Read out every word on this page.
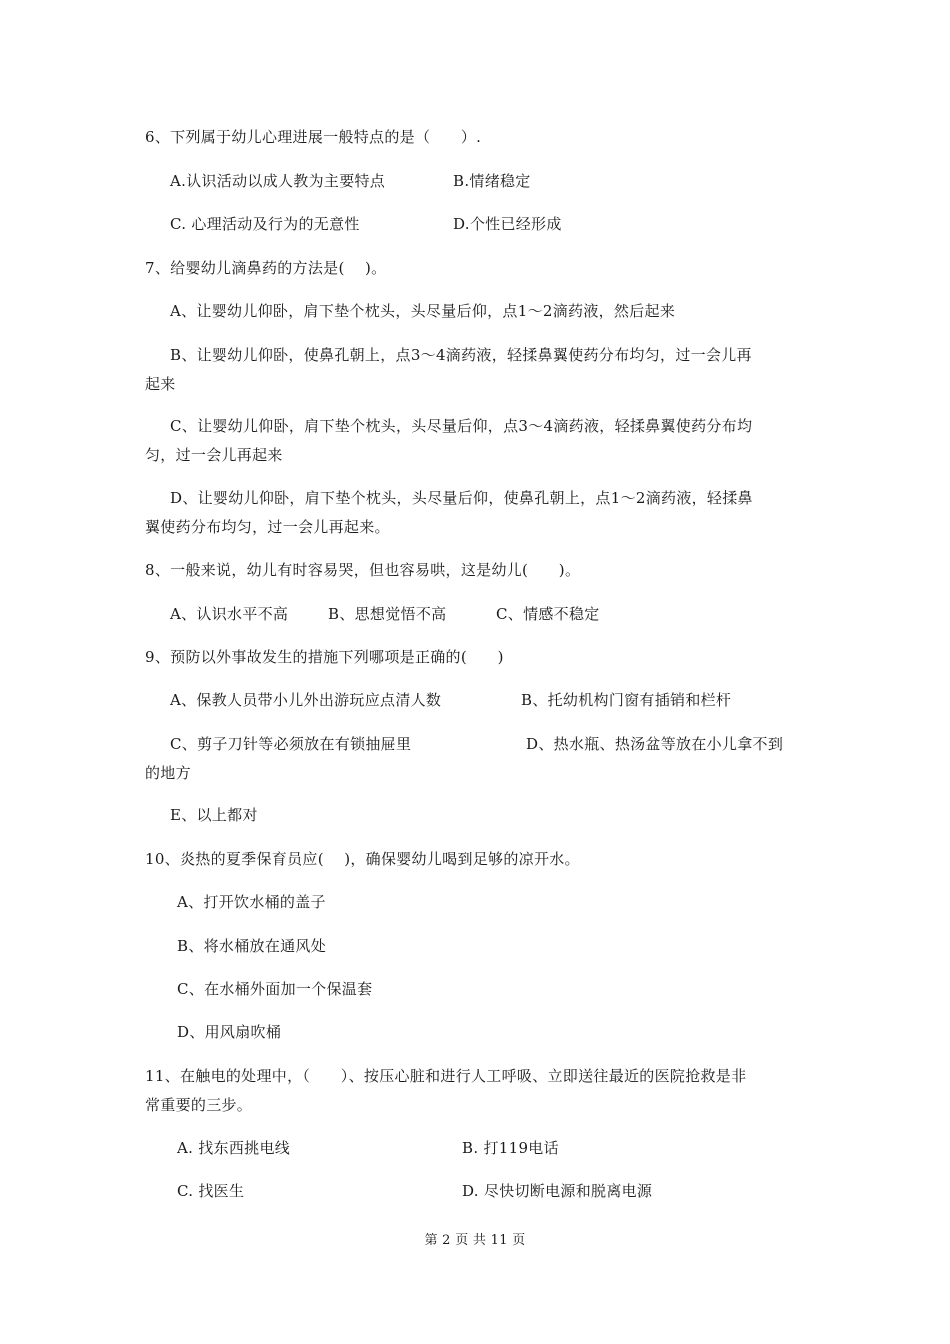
6、下列属于幼儿心理进展一般特点的是（　　）.
A.认识活动以成人教为主要特点	B.情绪稳定
C. 心理活动及行为的无意性	D.个性已经形成
7、给婴幼儿滴鼻药的方法是(　 )。
A、让婴幼儿仰卧，肩下垫个枕头，头尽量后仰，点1～2滴药液，然后起来
B、让婴幼儿仰卧，使鼻孔朝上，点3～4滴药液，轻揉鼻翼使药分布均匀，过一会儿再
起来
C、让婴幼儿仰卧，肩下垫个枕头，头尽量后仰，点3～4滴药液，轻揉鼻翼使药分布均
匀，过一会儿再起来
D、让婴幼儿仰卧，肩下垫个枕头，头尽量后仰，使鼻孔朝上，点1～2滴药液，轻揉鼻
翼使药分布均匀，过一会儿再起来。
8、一般来说，幼儿有时容易哭，但也容易哄，这是幼儿(　　)。
A、认识水平不高	B、思想觉悟不高	C、情感不稳定
9、预防以外事故发生的措施下列哪项是正确的(　　)
A、保教人员带小儿外出游玩应点清人数	B、托幼机构门窗有插销和栏杆
C、剪子刀针等必须放在有锁抽屉里	D、热水瓶、热汤盆等放在小儿拿不到
的地方
E、以上都对
10、炎热的夏季保育员应(　 )，确保婴幼儿喝到足够的凉开水。
A、打开饮水桶的盖子
B、将水桶放在通风处
C、在水桶外面加一个保温套
D、用风扇吹桶
11、在触电的处理中，（　　）、按压心脏和进行人工呼吸、立即送往最近的医院抢救是非
常重要的三步。
A. 找东西挑电线	B. 打119电话
C. 找医生	D. 尽快切断电源和脱离电源
第 2 页 共 11 页
